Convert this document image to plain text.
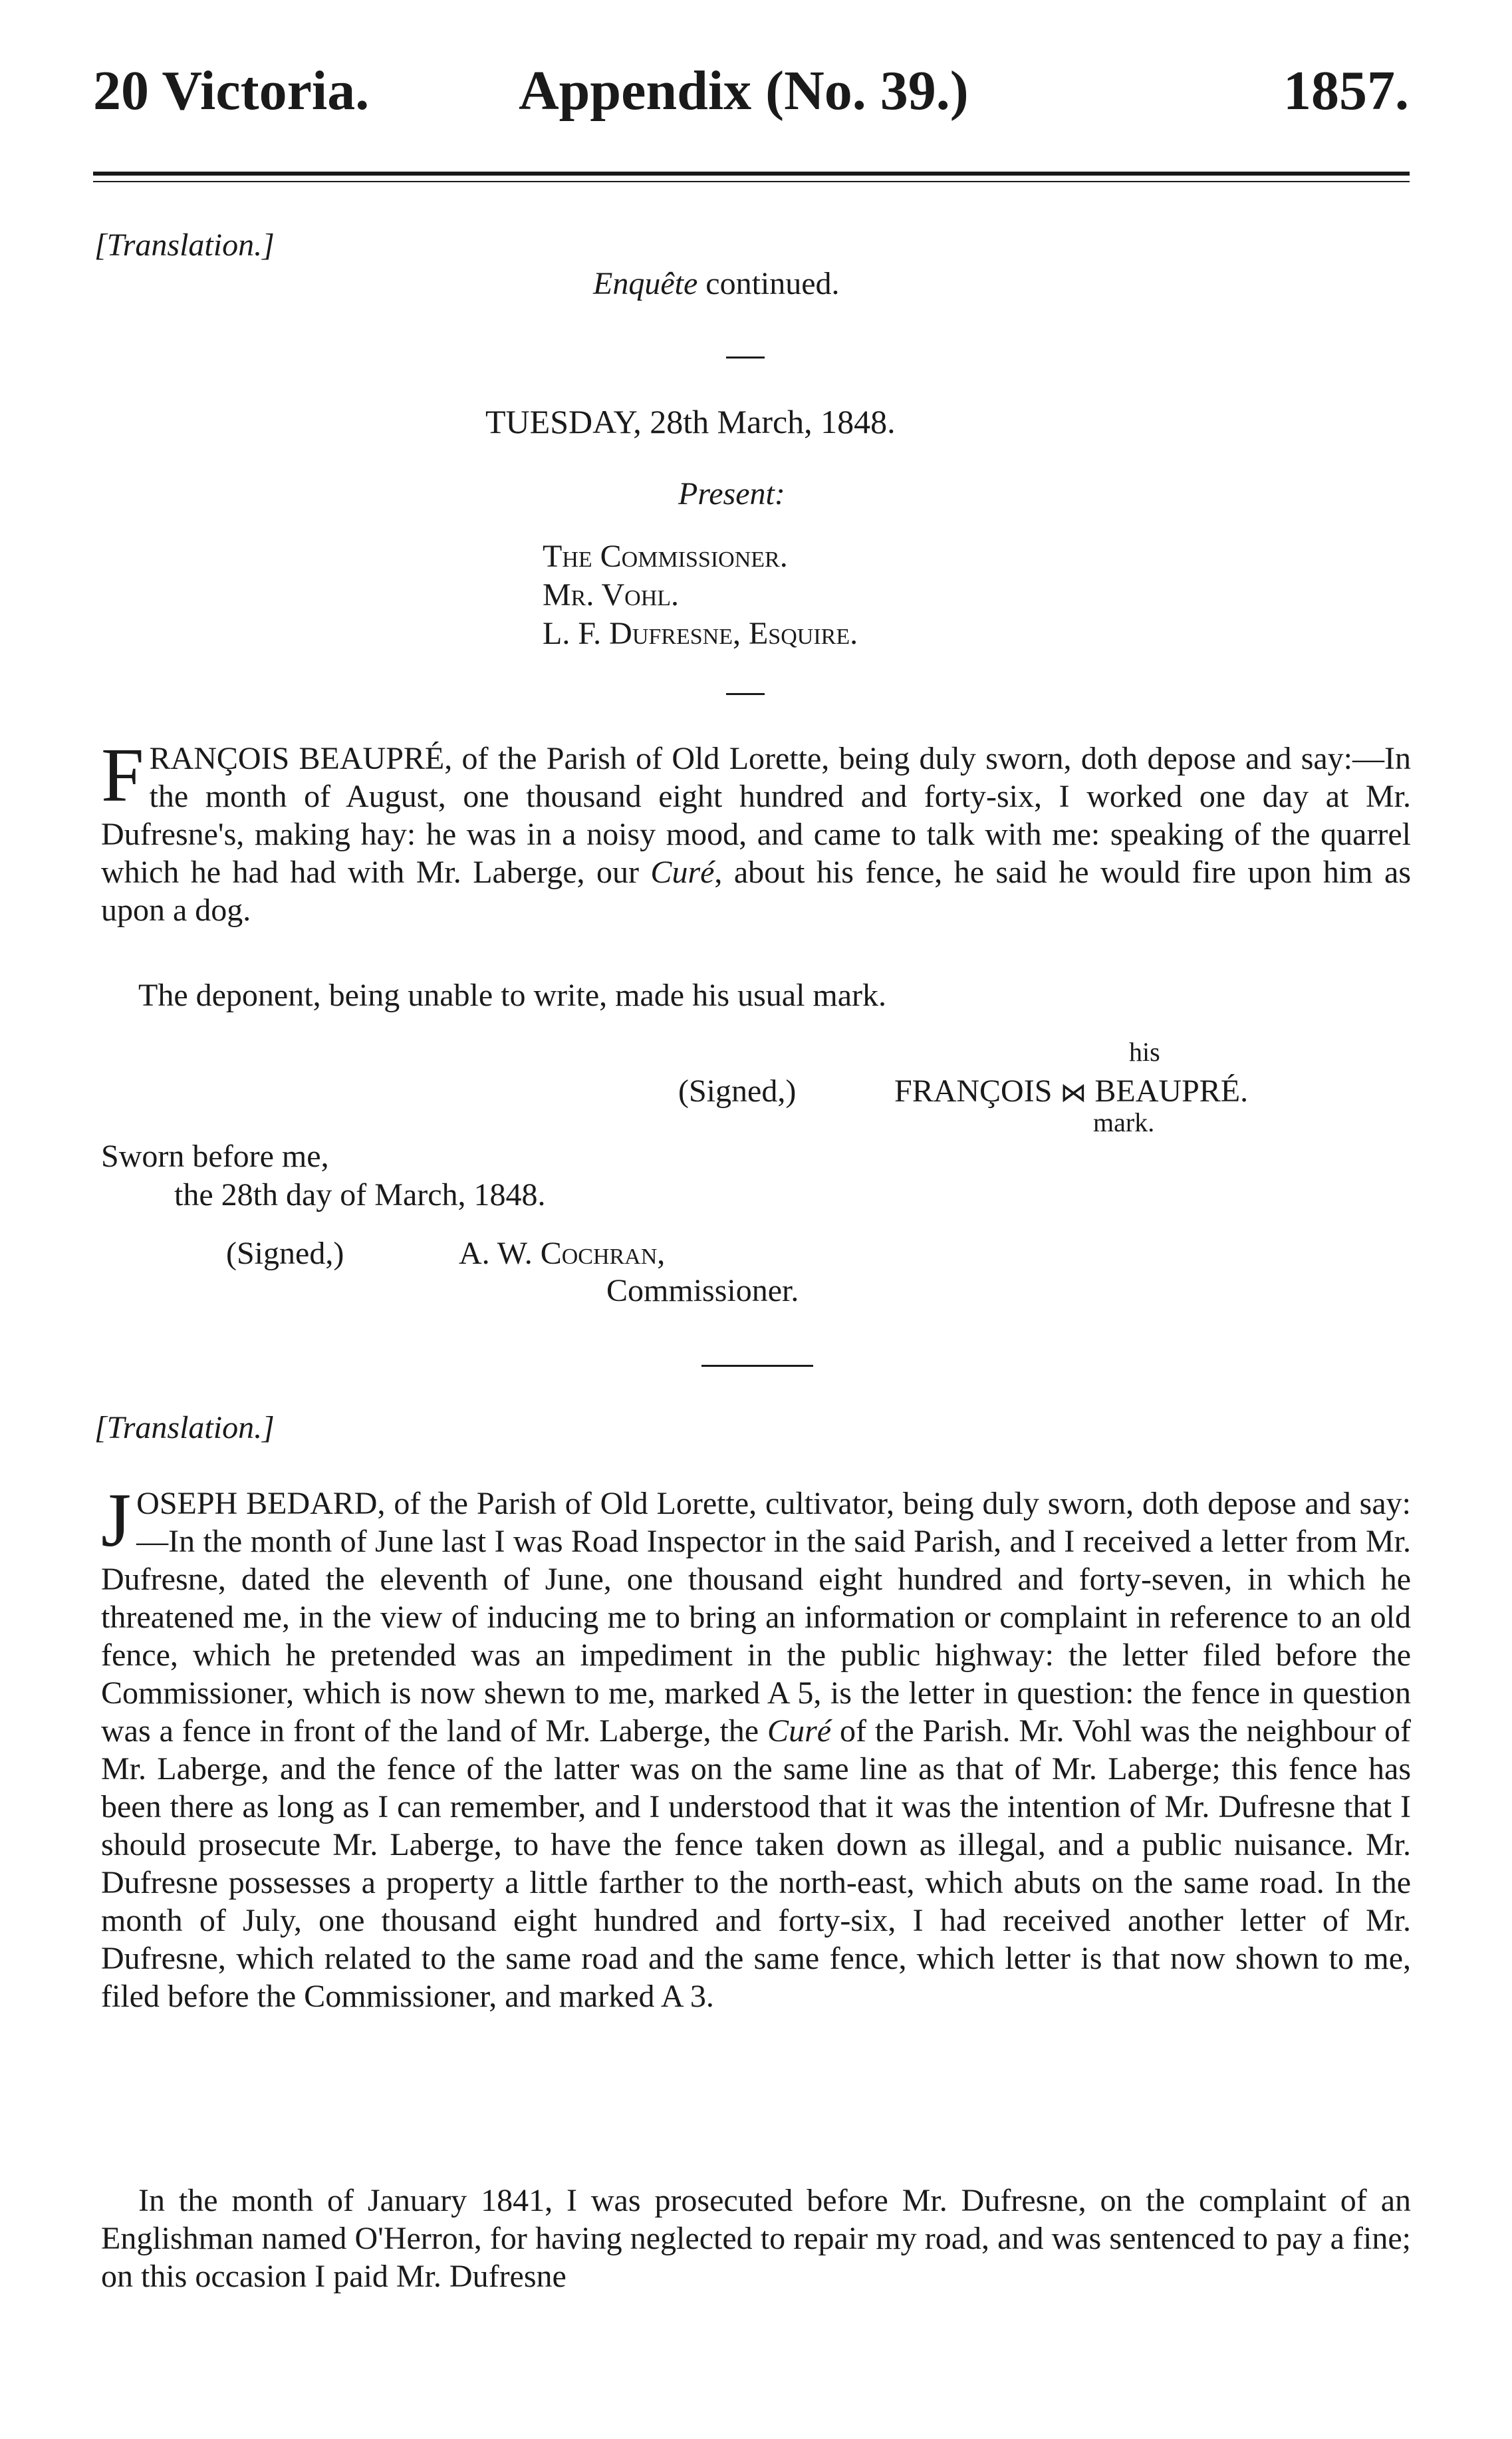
20 Victoria.	Appendix (No. 39.)	1857.
[Translation.]
Enquête continued.
TUESDAY, 28th March, 1848.
Present:
The Commissioner.
Mr. Vohl.
L. F. Dufresne, Esquire.
FRANÇOIS BEAUPRÉ, of the Parish of Old Lorette, being duly sworn, doth depose and say:—In the month of August, one thousand eight hundred and forty-six, I worked one day at Mr. Dufresne's, making hay: he was in a noisy mood, and came to talk with me: speaking of the quarrel which he had had with Mr. Laberge, our Curé, about his fence, he said he would fire upon him as upon a dog.
The deponent, being unable to write, made his usual mark.
his
(Signed,)	FRANÇOIS ⋈ BEAUPRÉ.
mark.
Sworn before me,
the 28th day of March, 1848.
(Signed,)	A. W. Cochran,
Commissioner.
[Translation.]
JOSEPH BEDARD, of the Parish of Old Lorette, cultivator, being duly sworn, doth depose and say:—In the month of June last I was Road Inspector in the said Parish, and I received a letter from Mr. Dufresne, dated the eleventh of June, one thousand eight hundred and forty-seven, in which he threatened me, in the view of inducing me to bring an information or complaint in reference to an old fence, which he pretended was an impediment in the public highway: the letter filed before the Commissioner, which is now shewn to me, marked A 5, is the letter in question: the fence in question was a fence in front of the land of Mr. Laberge, the Curé of the Parish. Mr. Vohl was the neighbour of Mr. Laberge, and the fence of the latter was on the same line as that of Mr. Laberge; this fence has been there as long as I can remember, and I understood that it was the intention of Mr. Dufresne that I should prosecute Mr. Laberge, to have the fence taken down as illegal, and a public nuisance. Mr. Dufresne possesses a property a little farther to the north-east, which abuts on the same road. In the month of July, one thousand eight hundred and forty-six, I had received another letter of Mr. Dufresne, which related to the same road and the same fence, which letter is that now shown to me, filed before the Commissioner, and marked A 3.
In the month of January 1841, I was prosecuted before Mr. Dufresne, on the complaint of an Englishman named O'Herron, for having neglected to repair my road, and was sentenced to pay a fine; on this occasion I paid Mr. Dufresne
